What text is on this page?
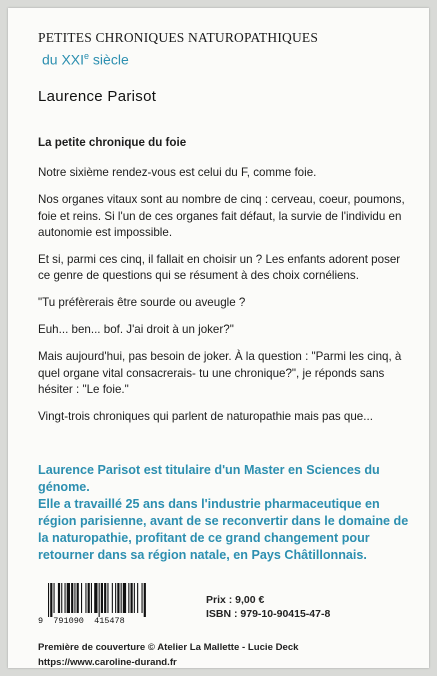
PETITES CHRONIQUES NATUROPATHIQUES
du XXIe siècle
Laurence Parisot

La petite chronique du foie

Notre sixième rendez-vous est celui du F, comme foie.

Nos organes vitaux sont au nombre de cinq : cerveau, coeur, poumons, foie et reins. Si l'un de ces organes fait défaut, la survie de l'individu en autonomie est impossible.

Et si, parmi ces cinq, il fallait en choisir un ? Les enfants adorent poser ce genre de questions qui se résument à des choix cornéliens.

"Tu préfèrerais être sourde ou aveugle ?

Euh... ben... bof. J'ai droit à un joker?"

Mais aujourd'hui, pas besoin de joker. À la question : "Parmi les cinq, à quel organe vital consacrerais- tu une chronique?", je réponds sans hésiter : "Le foie."

Vingt-trois chroniques qui parlent de naturopathie mais pas que...

Laurence Parisot est titulaire d'un Master en Sciences du génome.

Elle a travaillé 25 ans dans l'industrie pharmaceutique en région parisienne, avant de se reconvertir dans le domaine de la naturopathie, profitant de ce grand changement pour retourner dans sa région natale, en Pays Châtillonnais.

9  791090  415478
Prix : 9,00 €
ISBN : 979-10-90415-47-8
Première de couverture © Atelier La Mallette - Lucie Deck
https://www.caroline-durand.fr
